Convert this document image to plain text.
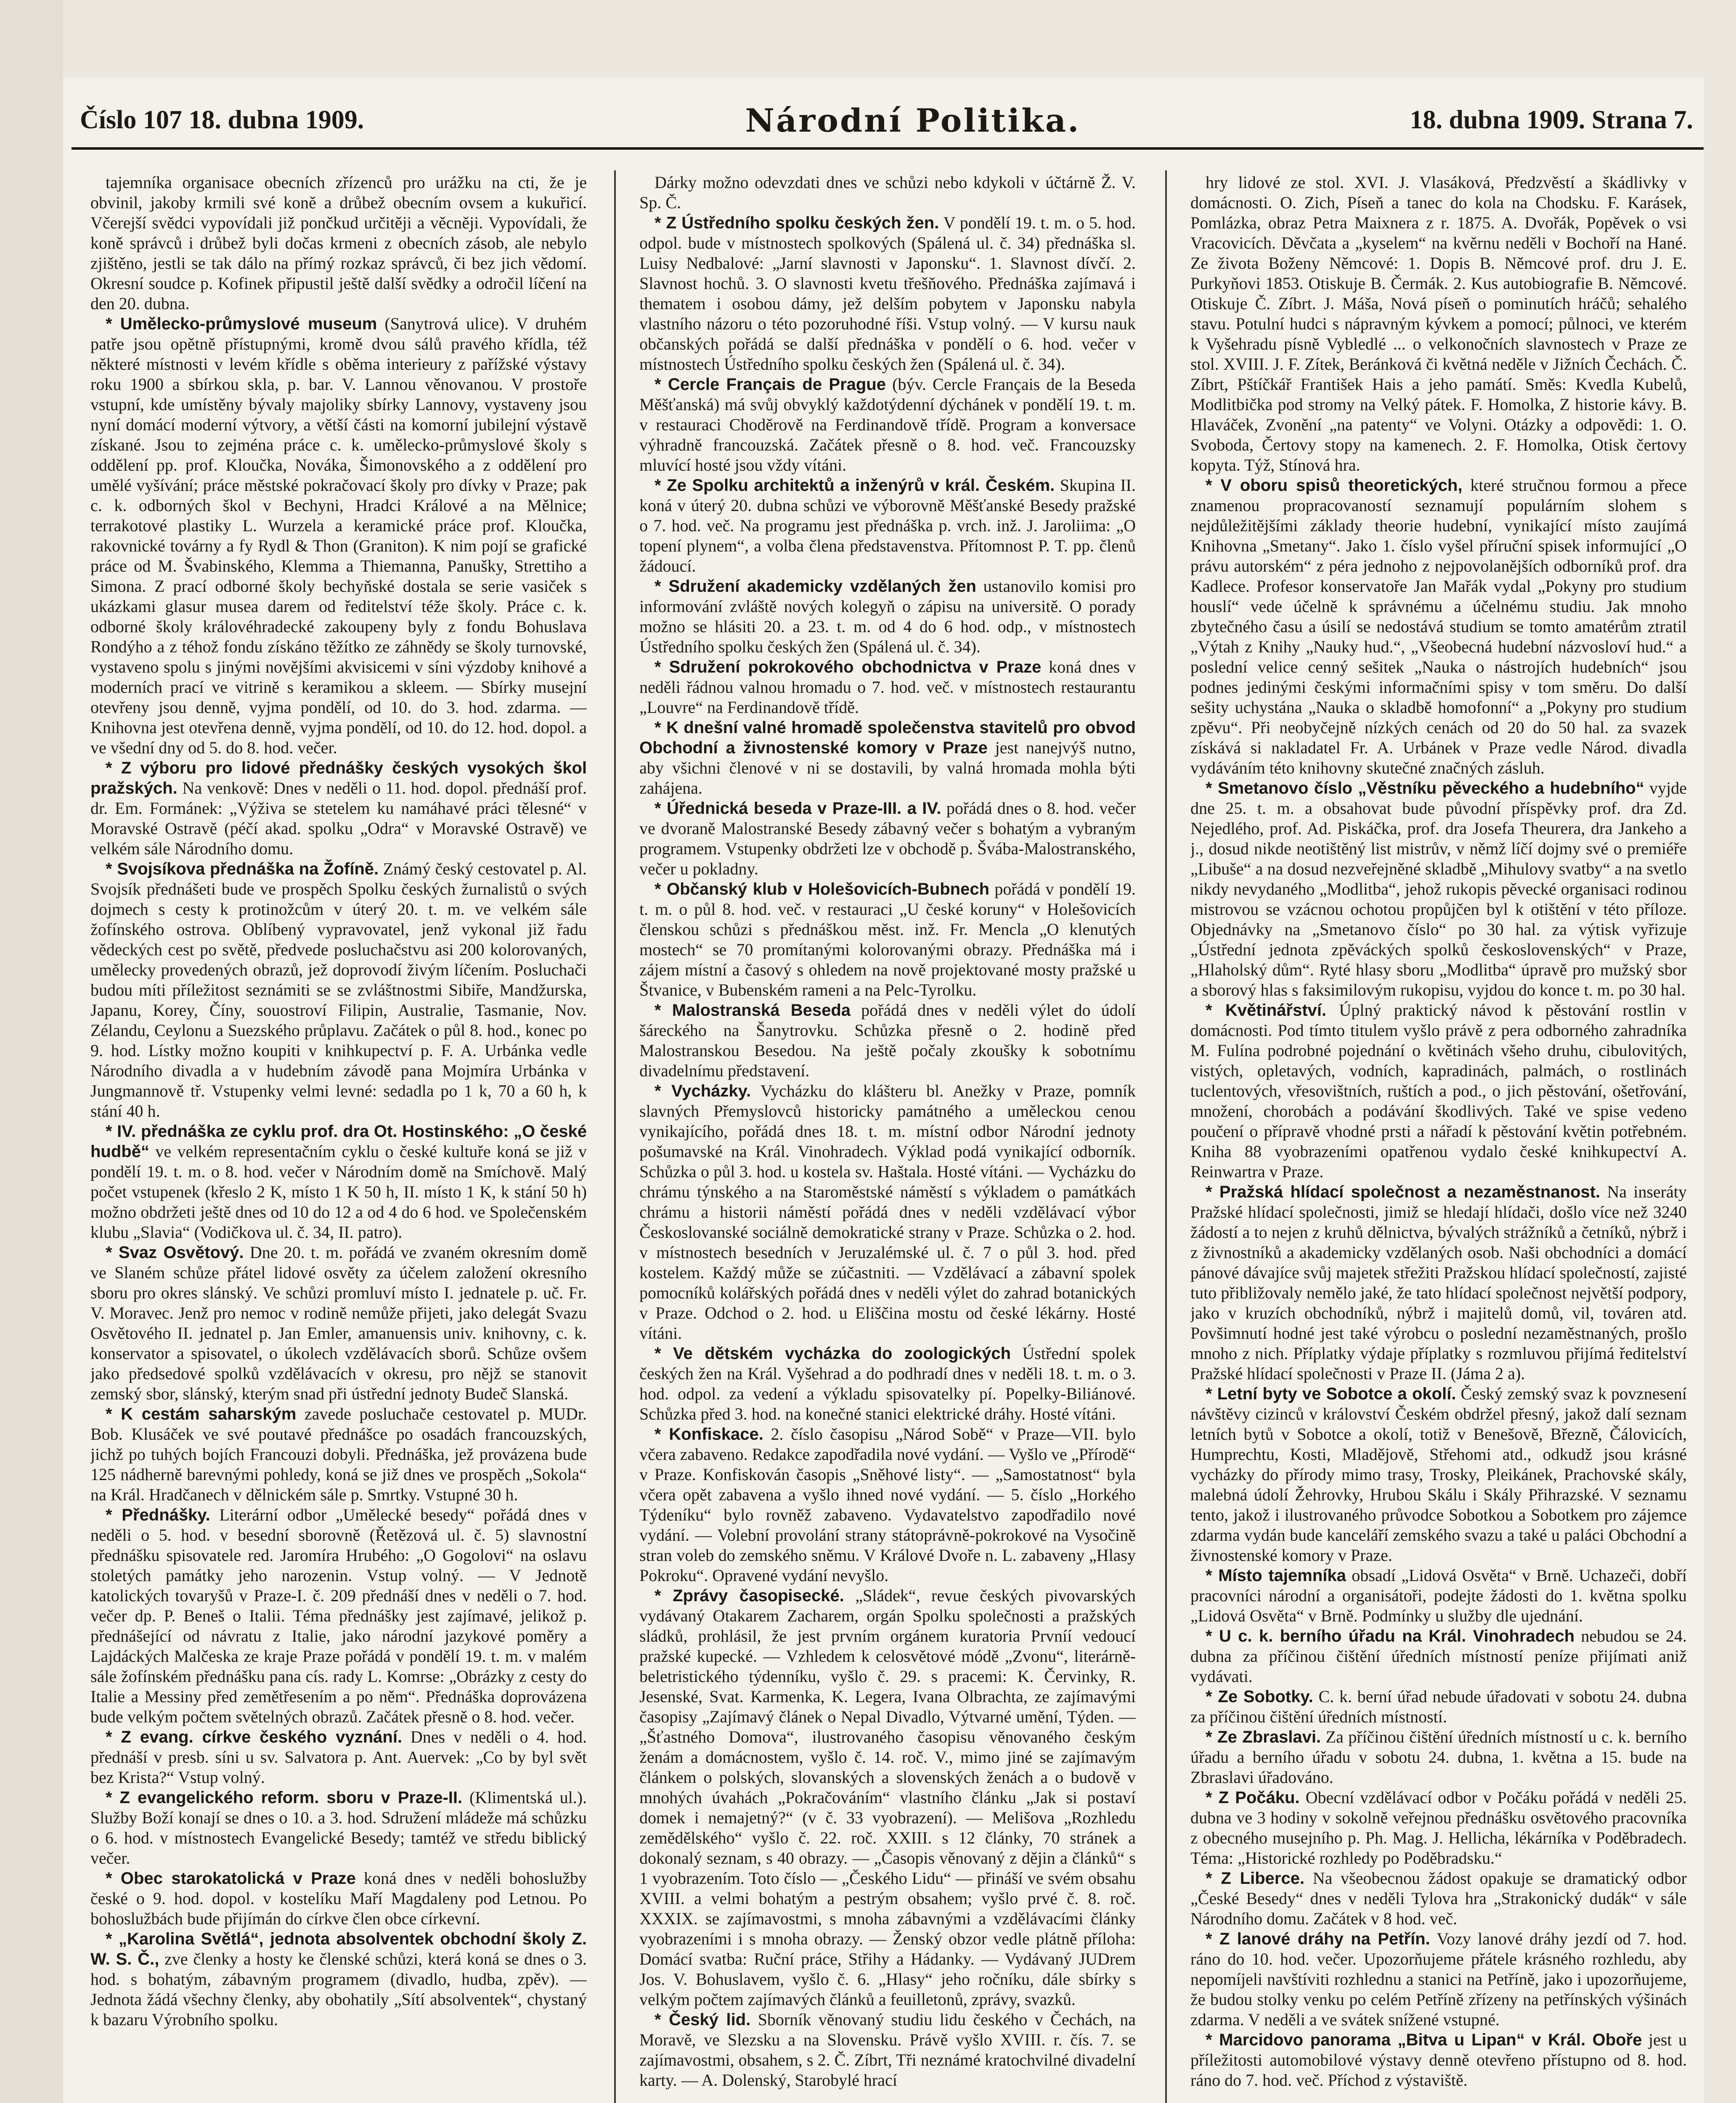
Číslo 107 18. dubna 1909.	Národní Politika.	18. dubna 1909. Strana 7.

tajemníka organisace obecních zřízenců pro urážku na cti, že je obvinil, jakoby krmili své koně a drůbež obecním ovsem a kukuřicí. Včerejší svědci vypovídali již pončkud určitěji a věcněji. Vypovídali, že koně správců i drůbež byli dočas krmeni z obecních zásob, ale nebylo zjištěno, jestli se tak dálo na přímý rozkaz správců, či bez jich vědomí. Okresní soudce p. Kofinek připustil ještě další svědky a odročil líčení na den 20. dubna.

* Umělecko-průmyslové museum (Sanytrová ulice). V druhém patře jsou opětně přístupnými, kromě dvou sálů pravého křídla, též některé místnosti v levém křídle s oběma interieury z pařížské výstavy roku 1900 a sbírkou skla, p. bar. V. Lannou věnovanou. V prostoře vstupní, kde umístěny bývaly majoliky sbírky Lannovy, vystaveny jsou nyní domácí moderní výtvory, a větší části na komorní jubilejní výstavě získané. Jsou to zejména práce c. k. umělecko-průmyslové školy s oddělení pp. prof. Kloučka, Nováka, Šimonovského a z oddělení pro umělé vyšívání; práce městské pokračovací školy pro dívky v Praze; pak c. k. odborných škol v Bechyni, Hradci Králové a na Mělnice; terrakotové plastiky L. Wurzela a keramické práce prof. Kloučka, rakovnické továrny a fy Rydl & Thon (Graniton). K nim pojí se grafické práce od M. Švabinského, Klemma a Thiemanna, Panušky, Strettiho a Simona. Z prací odborné školy bechyňské dostala se serie vasiček s ukázkami glasur musea darem od ředitelství téže školy. Práce c. k. odborné školy královéhradecké zakoupeny byly z fondu Bohuslava Rondýho a z téhož fondu získáno těžítko ze záhnědy se školy turnovské, vystaveno spolu s jinými novějšími akvisicemi v síni výzdoby knihové a moderních prací ve vitrině s keramikou a skleem. — Sbírky musejní otevřeny jsou denně, vyjma pondělí, od 10. do 3. hod. zdarma. — Knihovna jest otevřena denně, vyjma pondělí, od 10. do 12. hod. dopol. a ve všední dny od 5. do 8. hod. večer.

* Z výboru pro lidové přednášky českých vysokých škol pražských. Na venkově: Dnes v neděli o 11. hod. dopol. přednáší prof. dr. Em. Formánek: „Výživa se stetelem ku namáhavé práci tělesné“ v Moravské Ostravě (péčí akad. spolku „Odra“ v Moravské Ostravě) ve velkém sále Národního domu.

* Svojsíkova přednáška na Žofíně. Známý český cestovatel p. Al. Svojsík přednášeti bude ve prospěch Spolku českých žurnalistů o svých dojmech s cesty k protinožcům v úterý 20. t. m. ve velkém sále žofínského ostrova. Oblíbený vypravovatel, jenž vykonal již řadu vědeckých cest po světě, předvede posluchačstvu asi 200 kolorovaných, umělecky provedených obrazů, jež doprovodí živým líčením. Posluchači budou míti příležitost seznámiti se se zvláštnostmi Sibiře, Mandžurska, Japanu, Korey, Číny, souostroví Filipin, Australie, Tasmanie, Nov. Zélandu, Ceylonu a Suezského průplavu. Začátek o půl 8. hod., konec po 9. hod. Lístky možno koupiti v knihkupectví p. F. A. Urbánka vedle Národního divadla a v hudebním závodě pana Mojmíra Urbánka v Jungmannově tř. Vstupenky velmi levné: sedadla po 1 k, 70 a 60 h, k stání 40 h.

* IV. přednáška ze cyklu prof. dra Ot. Hostinského: „O české hudbě“ ve velkém representačním cyklu o české kultuře koná se již v pondělí 19. t. m. o 8. hod. večer v Národním domě na Smíchově. Malý počet vstupenek (křeslo 2 K, místo 1 K 50 h, II. místo 1 K, k stání 50 h) možno obdržeti ještě dnes od 10 do 12 a od 4 do 6 hod. ve Společenském klubu „Slavia“ (Vodičkova ul. č. 34, II. patro).

* Svaz Osvětový. Dne 20. t. m. pořádá ve zvaném okresním domě ve Slaném schůze přátel lidové osvěty za účelem založení okresního sboru pro okres slánský. Ve schůzi promluví místo I. jednatele p. uč. Fr. V. Moravec. Jenž pro nemoc v rodině nemůže přijeti, jako delegát Svazu Osvětového II. jednatel p. Jan Emler, amanuensis univ. knihovny, c. k. konservator a spisovatel, o úkolech vzdělávacích sborů. Schůze ovšem jako předsedové spolků vzdělávacích v okresu, pro nějž se stanovit zemský sbor, slánský, kterým snad při ústřední jednoty Budeč Slanská.

* K cestám saharským zavede posluchače cestovatel p. MUDr. Bob. Klusáček ve své poutavé přednášce po osadách francouzských, jichž po tuhých bojích Francouzi dobyli. Přednáška, jež provázena bude 125 nádherně barevnými pohledy, koná se již dnes ve prospěch „Sokola“ na Král. Hradčanech v dělnickém sále p. Smrtky. Vstupné 30 h.

* Přednášky. Literární odbor „Umělecké besedy“ pořádá dnes v neděli o 5. hod. v besední sborovně (Řetězová ul. č. 5) slavnostní přednášku spisovatele red. Jaromíra Hrubého: „O Gogolovi“ na oslavu stoletých památky jeho narozenin. Vstup volný. — V Jednotě katolických tovaryšů v Praze-I. č. 209 přednáší dnes v neděli o 7. hod. večer dp. P. Beneš o Italii. Téma přednášky jest zajímavé, jelikož p. přednášející od návratu z Italie, jako národní jazykové poměry a Lajdáckých Malčeska ze kraje Praze pořádá v pondělí 19. t. m. v malém sále žofínském přednášku pana cís. rady L. Komrse: „Obrázky z cesty do Italie a Messiny před zemětřesením a po něm“. Přednáška doprovázena bude velkým počtem světelných obrazů. Začátek přesně o 8. hod. večer.

* Z evang. církve českého vyznání. Dnes v neděli o 4. hod. přednáší v presb. síni u sv. Salvatora p. Ant. Auervek: „Co by byl svět bez Krista?“ Vstup volný.

* Z evangelického reform. sboru v Praze-II. (Klimentská ul.). Služby Boží konají se dnes o 10. a 3. hod. Sdružení mládeže má schůzku o 6. hod. v místnostech Evangelické Besedy; tamtéž ve středu biblický večer.

* Obec starokatolická v Praze koná dnes v neděli bohoslužby české o 9. hod. dopol. v kostelíku Maří Magdaleny pod Letnou. Po bohoslužbách bude přijímán do církve člen obce církevní.

* „Karolina Světlá“, jednota absolventek obchodní školy Z. W. S. Č., zve členky a hosty ke členské schůzi, která koná se dnes o 3. hod. s bohatým, zábavným programem (divadlo, hudba, zpěv). — Jednota žádá všechny členky, aby obohatily „Sítí absolventek“, chystaný k bazaru Výrobního spolku.

Dárky možno odevzdati dnes ve schůzi nebo kdykoli v účtárně Ž. V. Sp. Č.

* Z Ústředního spolku českých žen. V pondělí 19. t. m. o 5. hod. odpol. bude v místnostech spolkových (Spálená ul. č. 34) přednáška sl. Luisy Nedbalové: „Jarní slavnosti v Japonsku“. 1. Slavnost dívčí. 2. Slavnost hochů. 3. O slavnosti kvetu třešňového. Přednáška zajímavá i thematem i osobou dámy, jež delším pobytem v Japonsku nabyla vlastního názoru o této pozoruhodné říši. Vstup volný. — V kursu nauk občanských pořádá se další přednáška v pondělí o 6. hod. večer v místnostech Ústředního spolku českých žen (Spálená ul. č. 34).

* Cercle Français de Prague (býv. Cercle Français de la Beseda Měšťanská) má svůj obvyklý každotýdenní dýchánek v pondělí 19. t. m. v restauraci Choděrově na Ferdinandově třídě. Program a konversace výhradně francouzská. Začátek přesně o 8. hod. več. Francouzsky mluvící hosté jsou vždy vítáni.

* Ze Spolku architektů a inženýrů v král. Českém. Skupina II. koná v úterý 20. dubna schůzi ve výborovně Měšťanské Besedy pražské o 7. hod. več. Na programu jest přednáška p. vrch. inž. J. Jaroliima: „O topení plynem“, a volba člena představenstva. Přítomnost P. T. pp. členů žádoucí.

* Sdružení akademicky vzdělaných žen ustanovilo komisi pro informování zvláště nových kolegyň o zápisu na universitě. O porady možno se hlásiti 20. a 23. t. m. od 4 do 6 hod. odp., v místnostech Ústředního spolku českých žen (Spálená ul. č. 34).

* Sdružení pokrokového obchodnictva v Praze koná dnes v neděli řádnou valnou hromadu o 7. hod. več. v místnostech restaurantu „Louvre“ na Ferdinandově třídě.

* K dnešní valné hromadě společenstva stavitelů pro obvod Obchodní a živnostenské komory v Praze jest nanejvýš nutno, aby všichni členové v ni se dostavili, by valná hromada mohla býti zahájena.

* Úřednická beseda v Praze-III. a IV. pořádá dnes o 8. hod. večer ve dvoraně Malostranské Besedy zábavný večer s bohatým a vybraným programem. Vstupenky obdržeti lze v obchodě p. Švába-Malostranského, večer u pokladny.

* Občanský klub v Holešovicích-Bubnech pořádá v pondělí 19. t. m. o půl 8. hod. več. v restauraci „U české koruny“ v Holešovicích členskou schůzi s přednáškou měst. inž. Fr. Mencla „O klenutých mostech“ se 70 promítanými kolorovanými obrazy. Přednáška má i zájem místní a časový s ohledem na nově projektované mosty pražské u Štvanice, v Bubenském rameni a na Pelc-Tyrolku.

* Malostranská Beseda pořádá dnes v neděli výlet do údolí šáreckého na Šanytrovku. Schůzka přesně o 2. hodině před Malostranskou Besedou. Na ještě počaly zkoušky k sobotnímu divadelnímu představení.

* Vycházky. Vycházku do klášteru bl. Anežky v Praze, pomník slavných Přemyslovců historicky památného a uměleckou cenou vynikajícího, pořádá dnes 18. t. m. místní odbor Národní jednoty pošumavské na Král. Vinohradech. Výklad podá vynikající odborník. Schůzka o půl 3. hod. u kostela sv. Haštala. Hosté vítáni. — Vycházku do chrámu týnského a na Staroměstské náměstí s výkladem o památkách chrámu a historii náměstí pořádá dnes v neděli vzdělávací výbor Českoslovanské sociálně demokratické strany v Praze. Schůzka o 2. hod. v místnostech besedních v Jeruzalémské ul. č. 7 o půl 3. hod. před kostelem. Každý může se zúčastniti. — Vzdělávací a zábavní spolek pomocníků kolářských pořádá dnes v neděli výlet do zahrad botanických v Praze. Odchod o 2. hod. u Eliščina mostu od české lékárny. Hosté vítáni.

* Ve dětském vycházka do zoologických Ústřední spolek českých žen na Král. Vyšehrad a do podhradí dnes v neděli 18. t. m. o 3. hod. odpol. za vedení a výkladu spisovatelky pí. Popelky-Biliánové. Schůzka před 3. hod. na konečné stanici elektrické dráhy. Hosté vítáni.

* Konfiskace. 2. číslo časopisu „Národ Sobě“ v Praze—VII. bylo včera zabaveno. Redakce zapodřadila nové vydání. — Vyšlo ve „Přírodě“ v Praze. Konfiskován časopis „Sněhové listy“. — „Samostatnost“ byla včera opět zabavena a vyšlo ihned nové vydání. — 5. číslo „Horkého Týdeníku“ bylo rovněž zabaveno. Vydavatelstvo zapodřadilo nové vydání. — Volební provolání strany státoprávně-pokrokové na Vysočině stran voleb do zemského sněmu. V Králové Dvoře n. L. zabaveny „Hlasy Pokroku“. Opravené vydání nevyšlo.

* Zprávy časopisecké. „Sládek“, revue českých pivovarských vydávaný Otakarem Zacharem, orgán Spolku společnosti a pražských sládků, prohlásil, že jest prvním orgánem kuratoria Prvníí vedoucí pražské kupecké. — Vzhledem k celosvětové módě „Zvonu“, literárně-beletristického týdenníku, vyšlo č. 29. s pracemi: K. Červinky, R. Jesenské, Svat. Karmenka, K. Legera, Ivana Olbrachta, ze zajímavými časopisy „Zajímavý článek o Nepal Divadlo, Výtvarné umění, Týden. — „Šťastného Domova“, ilustrovaného časopisu věnovaného českým ženám a domácnostem, vyšlo č. 14. roč. V., mimo jiné se zajímavým článkem o polských, slovanských a slovenských ženách a o budově v mnohých úvahách „Pokračováním“ vlastního článku „Jak si postaví domek i nemajetný?“ (v č. 33 vyobrazení). — Melišova „Rozhledu zemědělského“ vyšlo č. 22. roč. XXIII. s 12 články, 70 stránek a dokonalý seznam, s 40 obrazy. — „Časopis věnovaný z dějin a článků“ s 1 vyobrazením. Toto číslo — „Českého Lidu“ — přináší ve svém obsahu XVIII. a velmi bohatým a pestrým obsahem; vyšlo prvé č. 8. roč. XXXIX. se zajímavostmi, s mnoha zábavnými a vzdělávacími články vyobrazeními i s mnoha obrazy. — Ženský obzor vedle plátně příloha: Domácí svatba: Ruční práce, Střihy a Hádanky. — Vydávaný JUDrem Jos. V. Bohuslavem, vyšlo č. 6. „Hlasy“ jeho ročníku, dále sbírky s velkým počtem zajímavých článků a feuilletonů, zprávy, svazků.

* Český lid. Sborník věnovaný studiu lidu českého v Čechách, na Moravě, ve Slezsku a na Slovensku. Právě vyšlo XVIII. r. čís. 7. se zajímavostmi, obsahem, s 2. Č. Zíbrt, Tři neznámé kratochvilné divadelní karty. — A. Dolenský, Starobylé hrací

hry lidové ze stol. XVI. J. Vlasáková, Předzvěstí a škádlivky v domácnosti. O. Zich, Píseň a tanec do kola na Chodsku. F. Karásek, Pomlázka, obraz Petra Maixnera z r. 1875. A. Dvořák, Popěvek o vsi Vracovicích. Děvčata a „kyselem“ na kvěrnu neděli v Bochoří na Hané. Ze života Boženy Němcové: 1. Dopis B. Němcové prof. dru J. E. Purkyňovi 1853. Otiskuje B. Čermák. 2. Kus autobiografie B. Němcové. Otiskuje Č. Zíbrt. J. Máša, Nová píseň o pominutích hráčů; sehalého stavu. Potulní hudci s nápravným kývkem a pomocí; půlnoci, ve kterém k Vyšehradu písně Vybledlé ... o velkonočních slavnostech v Praze ze stol. XVIII. J. F. Zítek, Beránková či květná neděle v Jižních Čechách. Č. Zíbrt, Pštíčkář František Hais a jeho památí. Směs: Kvedla Kubelů, Modlitbička pod stromy na Velký pátek. F. Homolka, Z historie kávy. B. Hlaváček, Zvonění „na patenty“ ve Volyni. Otázky a odpovědi: 1. O. Svoboda, Čertovy stopy na kamenech. 2. F. Homolka, Otisk čertovy kopyta. Týž, Stínová hra.

* V oboru spisů theoretických, které stručnou formou a přece znamenou propracovaností seznamují populárním slohem s nejdůležitějšími základy theorie hudební, vynikající místo zaujímá Knihovna „Smetany“. Jako 1. číslo vyšel příruční spisek informující „O právu autorském“ z péra jednoho z nejpovolanějších odborníků prof. dra Kadlece. Profesor konservatoře Jan Mařák vydal „Pokyny pro studium houslí“ vede účelně k správnému a účelnému studiu. Jak mnoho zbytečného času a úsilí se nedostává studium se tomto amatérům ztratil „Výtah z Knihy „Nauky hud.“, „Všeobecná hudební názvosloví hud.“ a poslední velice cenný sešitek „Nauka o nástrojích hudebních“ jsou podnes jedinými českými informačními spisy v tom směru. Do další sešity uchystána „Nauka o skladbě homofonní“ a „Pokyny pro studium zpěvu“. Při neobyčejně nízkých cenách od 20 do 50 hal. za svazek získává si nakladatel Fr. A. Urbánek v Praze vedle Národ. divadla vydáváním této knihovny skutečné značných zásluh.

* Smetanovo číslo „Věstníku pěveckého a hudebního“ vyjde dne 25. t. m. a obsahovat bude původní příspěvky prof. dra Zd. Nejedlého, prof. Ad. Piskáčka, prof. dra Josefa Theurera, dra Jankeho a j., dosud nikde neotištěný list mistrův, v němž líčí dojmy své o premiéře „Libuše“ a na dosud nezveřejněné skladbě „Mihulovy svatby“ a na svetlo nikdy nevydaného „Modlitba“, jehož rukopis pěvecké organisaci rodinou mistrovou se vzácnou ochotou propůjčen byl k otištění v této příloze. Objednávky na „Smetanovo číslo“ po 30 hal. za výtisk vyřizuje „Ústřední jednota zpěváckých spolků československých“ v Praze, „Hlaholský dům“. Ryté hlasy sboru „Modlitba“ úpravě pro mužský sbor a sborový hlas s faksimilovým rukopisu, vyjdou do konce t. m. po 30 hal.

* Květinářství. Úplný praktický návod k pěstování rostlin v domácnosti. Pod tímto titulem vyšlo právě z pera odborného zahradníka M. Fulína podrobné pojednání o květinách všeho druhu, cibulovitých, vistých, opletavých, vodních, kapradinách, palmách, o rostlinách tuclentových, vřesovištních, ruštích a pod., o jich pěstování, ošetřování, množení, chorobách a podávání škodlivých. Také ve spise vedeno poučení o přípravě vhodné prsti a nářadí k pěstování květin potřebném. Kniha 88 vyobrazeními opatřenou vydalo české knihkupectví A. Reinwartra v Praze.

* Pražská hlídací společnost a nezaměstnanost. Na inseráty Pražské hlídací společnosti, jimiž se hledají hlídači, došlo více než 3240 žádostí a to nejen z kruhů dělnictva, bývalých strážníků a četníků, nýbrž i z živnostníků a akademicky vzdělaných osob. Naši obchodníci a domácí pánové dávajíce svůj majetek střežiti Pražskou hlídací společností, zajisté tuto přibližovaly nemělo jaké, že tato hlídací společnost největší podpory, jako v kruzích obchodníků, nýbrž i majitelů domů, vil, továren atd. Povšimnutí hodné jest také výrobcu o poslední nezaměstnaných, prošlo mnoho z nich. Příplatky výdaje příplatky s rozmluvou přijímá ředitelství Pražské hlídací společnosti v Praze II. (Jáma 2 a).

* Letní byty ve Sobotce a okolí. Český zemský svaz k povznesení návštěvy cizinců v království Českém obdržel přesný, jakož dalí seznam letních bytů v Sobotce a okolí, totiž v Benešově, Březně, Čálovicích, Humprechtu, Kosti, Mladějově, Střehomi atd., odkudž jsou krásné vycházky do přírody mimo trasy, Trosky, Pleikánek, Prachovské skály, malebná údolí Žehrovky, Hrubou Skálu i Skály Přihrazské. V seznamu tento, jakož i ilustrovaného průvodce Sobotkou a Sobotkem pro zájemce zdarma vydán bude kanceláří zemského svazu a také u paláci Obchodní a živnostenské komory v Praze.

* Místo tajemníka obsadí „Lidová Osvěta“ v Brně. Uchazeči, dobří pracovníci národní a organisátoři, podejte žádosti do 1. května spolku „Lidová Osvěta“ v Brně. Podmínky u služby dle ujednání.

* U c. k. berního úřadu na Král. Vinohradech nebudou se 24. dubna za příčinou čištění úředních místností peníze přijímati aniž vydávati.

* Ze Sobotky. C. k. berní úřad nebude úřadovati v sobotu 24. dubna za příčinou čištění úředních místností.

* Ze Zbraslavi. Za příčinou čištění úředních místností u c. k. berního úřadu a berního úřadu v sobotu 24. dubna, 1. května a 15. bude na Zbraslavi úřadováno.

* Z Počáku. Obecní vzdělávací odbor v Počáku pořádá v neděli 25. dubna ve 3 hodiny v sokolně veřejnou přednášku osvětového pracovníka z obecného musejního p. Ph. Mag. J. Hellicha, lékárníka v Poděbradech. Téma: „Historické rozhledy po Poděbradsku.“

* Z Liberce. Na všeobecnou žádost opakuje se dramatický odbor „České Besedy“ dnes v neděli Tylova hra „Strakonický dudák“ v sále Národního domu. Začátek v 8 hod. več.

* Z lanové dráhy na Petřín. Vozy lanové dráhy jezdí od 7. hod. ráno do 10. hod. večer. Upozorňujeme přátele krásného rozhledu, aby nepomíjeli navštíviti rozhlednu a stanici na Petříně, jako i upozorňujeme, že budou stolky venku po celém Petříně zřízeny na petřínských výšinách zdarma. V neděli a ve svátek snížené vstupné.

* Marcidovo panorama „Bitva u Lipan“ v Král. Oboře jest u příležitosti automobilové výstavy denně otevřeno přístupno od 8. hod. ráno do 7. hod. več. Příchod z výstaviště.
